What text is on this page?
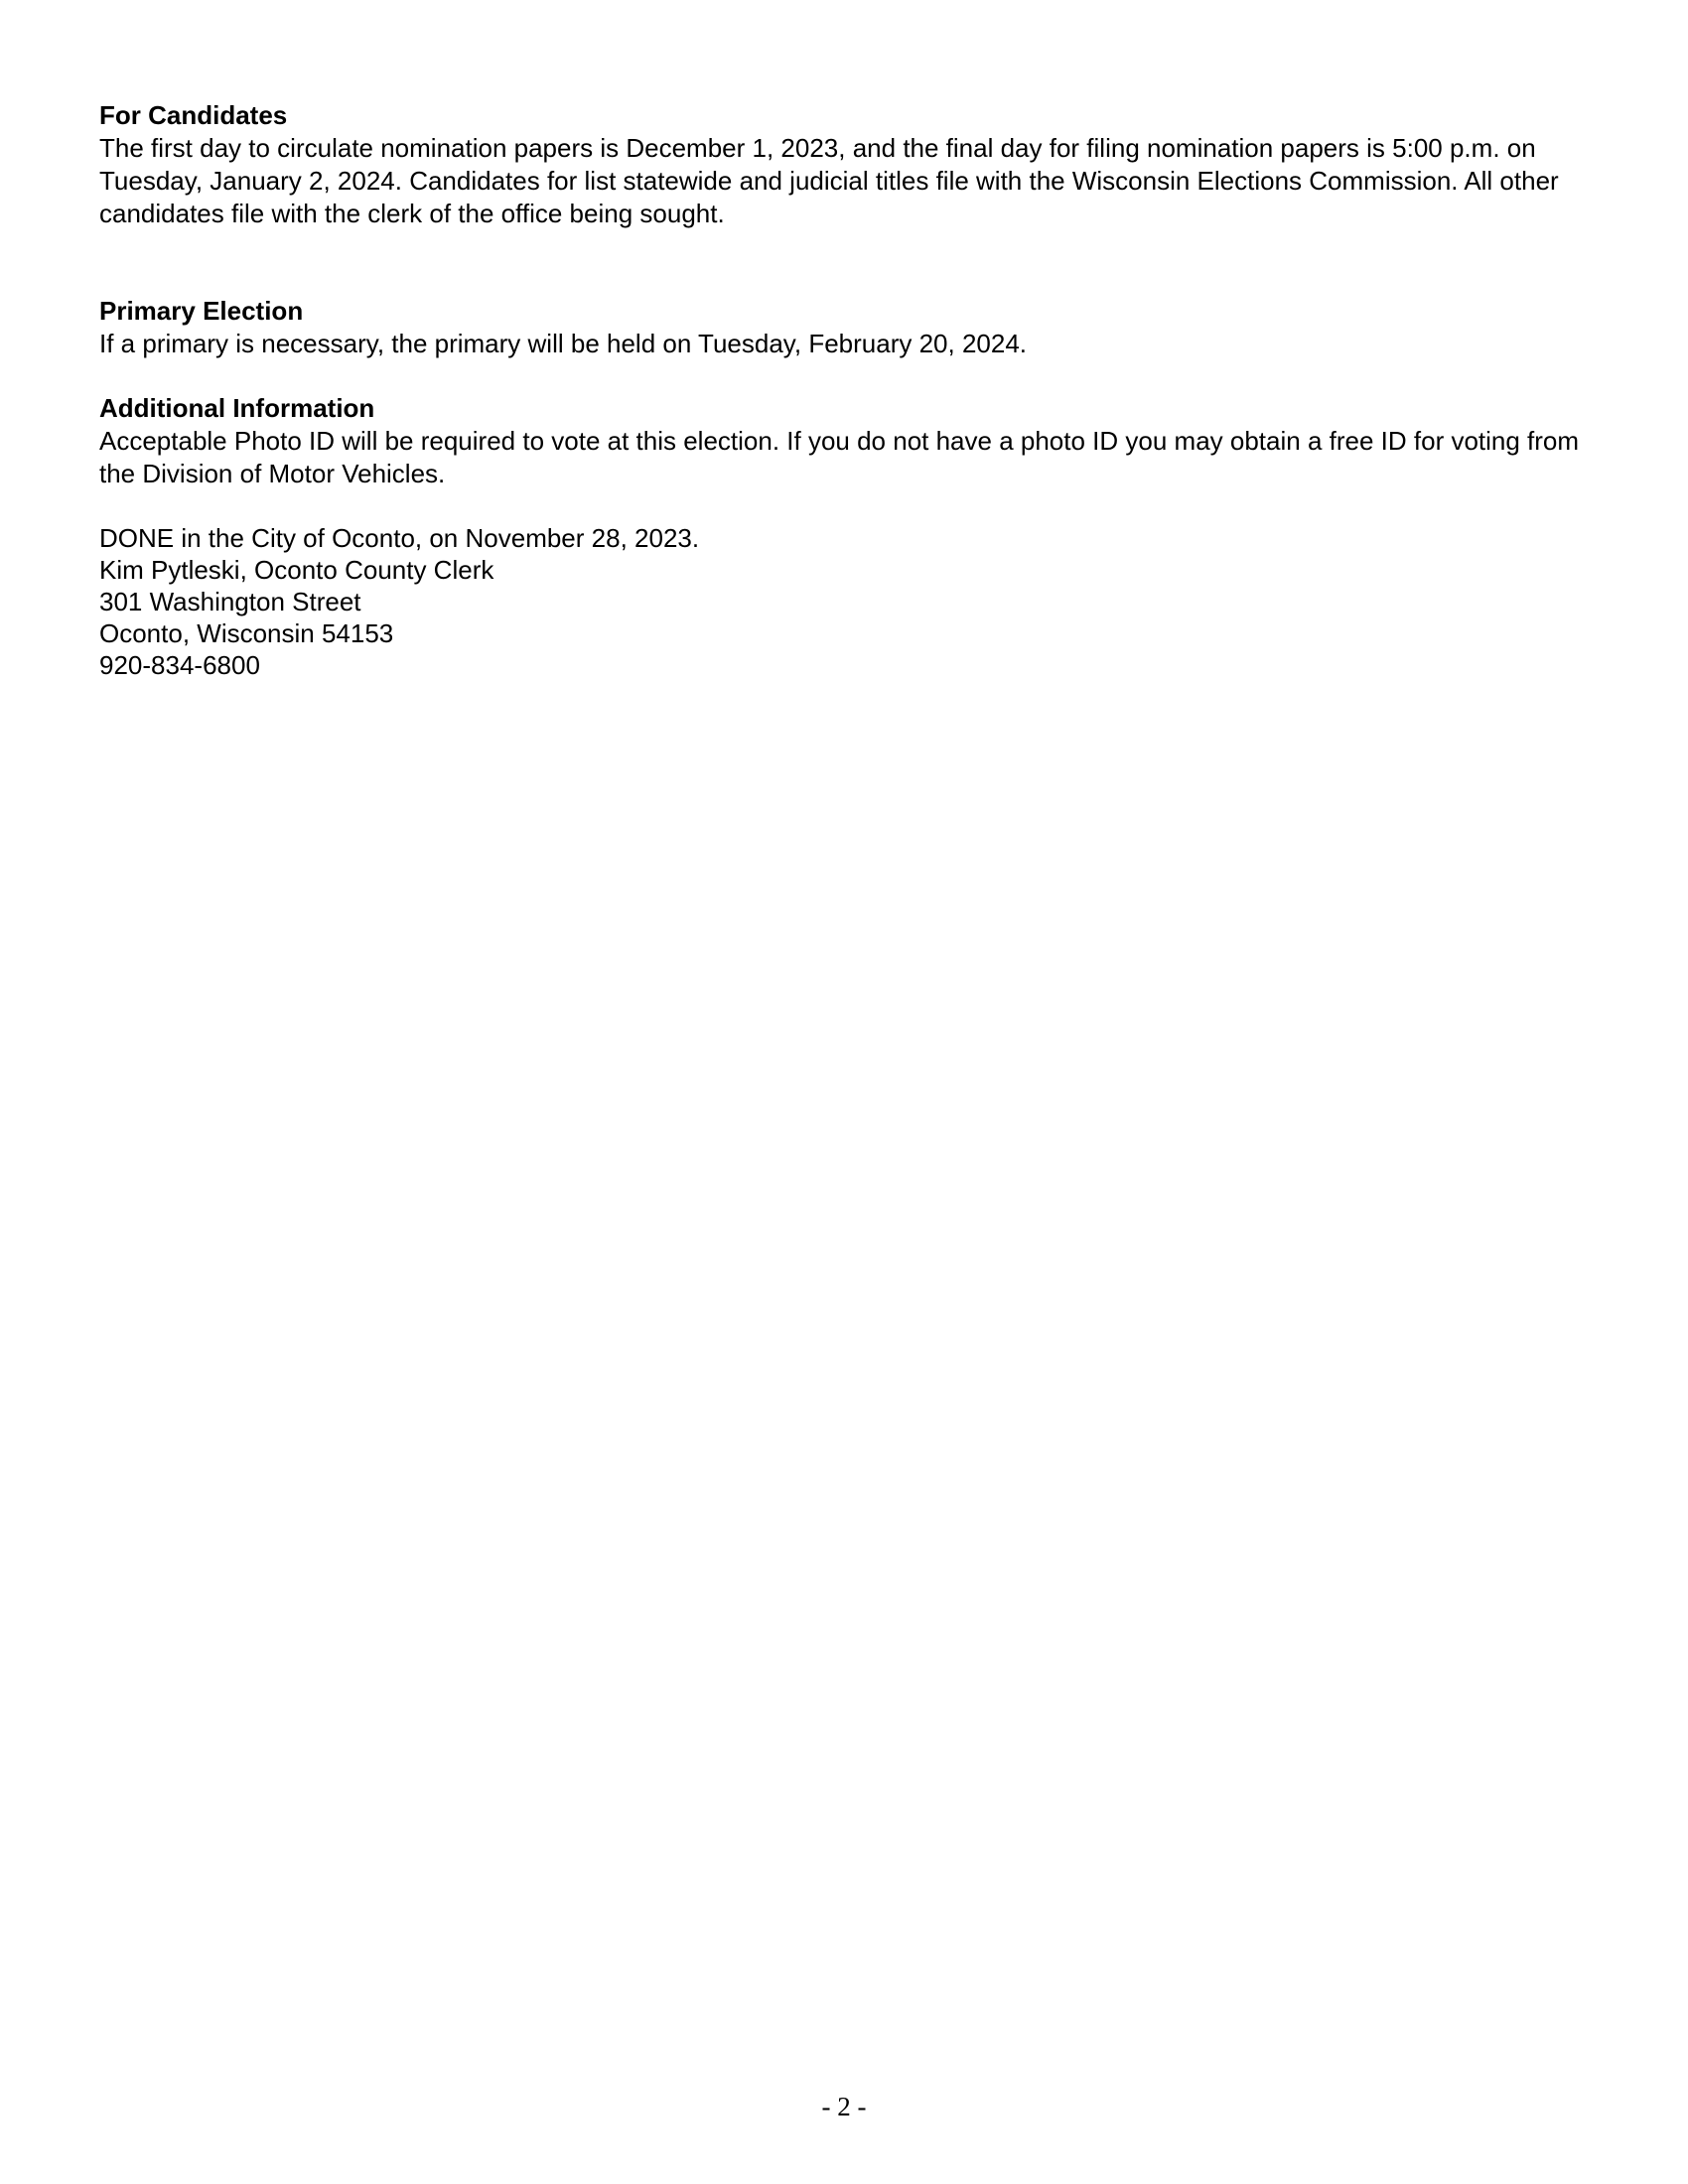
For Candidates

The first day to circulate nomination papers is December 1, 2023, and the final day for filing nomination papers is 5:00 p.m. on Tuesday, January 2, 2024. Candidates for list statewide and judicial titles file with the Wisconsin Elections Commission. All other candidates file with the clerk of the office being sought.

Primary Election

If a primary is necessary, the primary will be held on Tuesday, February 20, 2024.

Additional Information

Acceptable Photo ID will be required to vote at this election. If you do not have a photo ID you may obtain a free ID for voting from the Division of Motor Vehicles.

DONE in the City of Oconto, on November 28, 2023.
Kim Pytleski, Oconto County Clerk
301 Washington Street
Oconto, Wisconsin 54153
920-834-6800
- 2 -
